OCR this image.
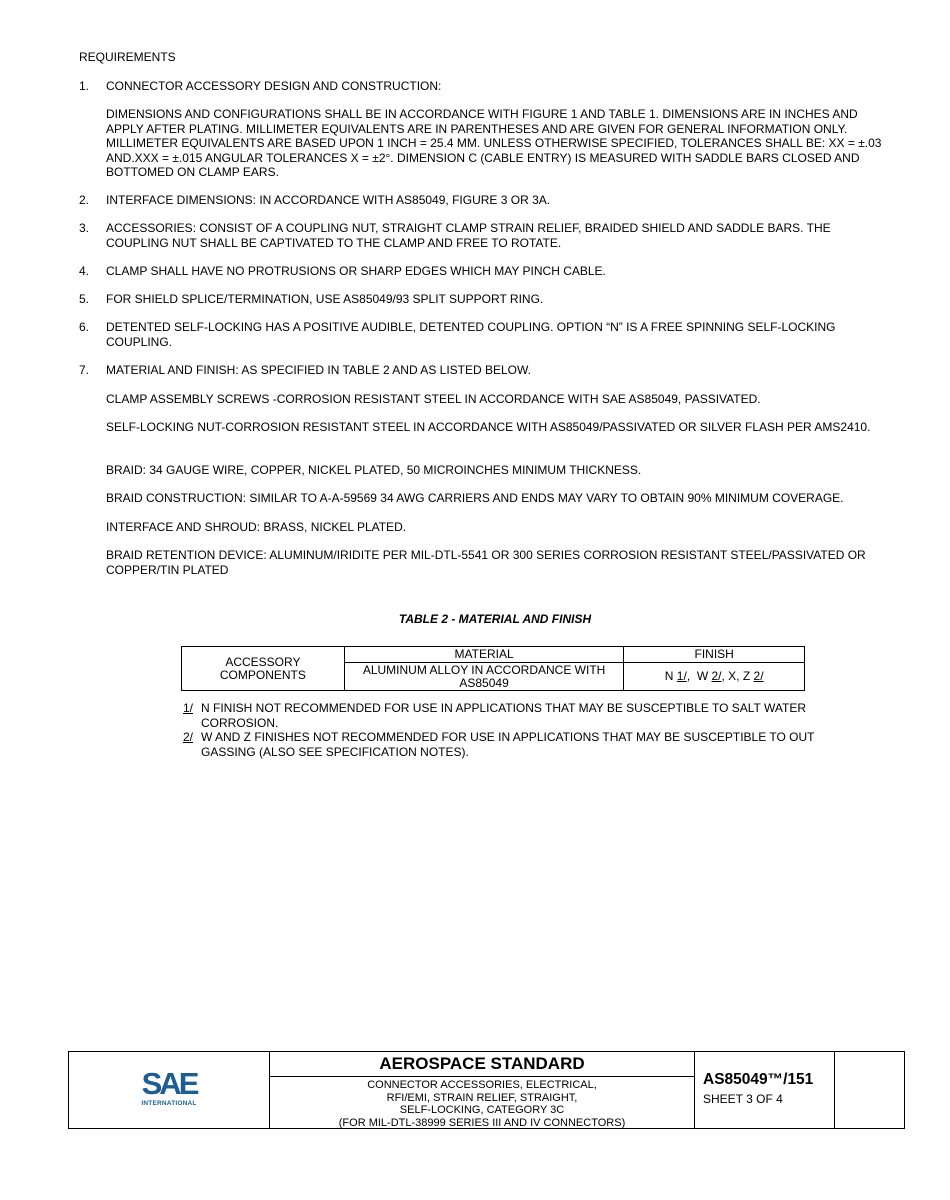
REQUIREMENTS
1. CONNECTOR ACCESSORY DESIGN AND CONSTRUCTION:
DIMENSIONS AND CONFIGURATIONS SHALL BE IN ACCORDANCE WITH FIGURE 1 AND TABLE 1. DIMENSIONS ARE IN INCHES AND APPLY AFTER PLATING. MILLIMETER EQUIVALENTS ARE IN PARENTHESES AND ARE GIVEN FOR GENERAL INFORMATION ONLY. MILLIMETER EQUIVALENTS ARE BASED UPON 1 INCH = 25.4 MM. UNLESS OTHERWISE SPECIFIED, TOLERANCES SHALL BE: XX = ±.03 AND.XXX = ±.015 ANGULAR TOLERANCES X = ±2°. DIMENSION C (CABLE ENTRY) IS MEASURED WITH SADDLE BARS CLOSED AND BOTTOMED ON CLAMP EARS.
2. INTERFACE DIMENSIONS: IN ACCORDANCE WITH AS85049, FIGURE 3 OR 3A.
3. ACCESSORIES: CONSIST OF A COUPLING NUT, STRAIGHT CLAMP STRAIN RELIEF, BRAIDED SHIELD AND SADDLE BARS. THE COUPLING NUT SHALL BE CAPTIVATED TO THE CLAMP AND FREE TO ROTATE.
4. CLAMP SHALL HAVE NO PROTRUSIONS OR SHARP EDGES WHICH MAY PINCH CABLE.
5. FOR SHIELD SPLICE/TERMINATION, USE AS85049/93 SPLIT SUPPORT RING.
6. DETENTED SELF-LOCKING HAS A POSITIVE AUDIBLE, DETENTED COUPLING. OPTION “N” IS A FREE SPINNING SELF-LOCKING COUPLING.
7. MATERIAL AND FINISH: AS SPECIFIED IN TABLE 2 AND AS LISTED BELOW.
CLAMP ASSEMBLY SCREWS -CORROSION RESISTANT STEEL IN ACCORDANCE WITH SAE AS85049, PASSIVATED.
SELF-LOCKING NUT-CORROSION RESISTANT STEEL IN ACCORDANCE WITH AS85049/PASSIVATED OR SILVER FLASH PER AMS2410.
BRAID: 34 GAUGE WIRE, COPPER, NICKEL PLATED, 50 MICROINCHES MINIMUM THICKNESS.
BRAID CONSTRUCTION: SIMILAR TO A-A-59569 34 AWG CARRIERS AND ENDS MAY VARY TO OBTAIN 90% MINIMUM COVERAGE.
INTERFACE AND SHROUD: BRASS, NICKEL PLATED.
BRAID RETENTION DEVICE: ALUMINUM/IRIDITE PER MIL-DTL-5541 OR 300 SERIES CORROSION RESISTANT STEEL/PASSIVATED OR COPPER/TIN PLATED
TABLE 2 - MATERIAL AND FINISH
ACCESSORY COMPONENTS	MATERIAL	FINISH
	ALUMINUM ALLOY IN ACCORDANCE WITH AS85049	N 1/,  W 2/, X, Z 2/
1/ N FINISH NOT RECOMMENDED FOR USE IN APPLICATIONS THAT MAY BE SUSCEPTIBLE TO SALT WATER CORROSION.
2/ W AND Z FINISHES NOT RECOMMENDED FOR USE IN APPLICATIONS THAT MAY BE SUSCEPTIBLE TO OUT GASSING (ALSO SEE SPECIFICATION NOTES).
SAE
INTERNATIONAL
AEROSPACE STANDARD
CONNECTOR ACCESSORIES, ELECTRICAL,
RFI/EMI, STRAIN RELIEF, STRAIGHT,
SELF-LOCKING, CATEGORY 3C
(FOR MIL-DTL-38999 SERIES III AND IV CONNECTORS)
AS85049™/151
SHEET 3 OF 4
